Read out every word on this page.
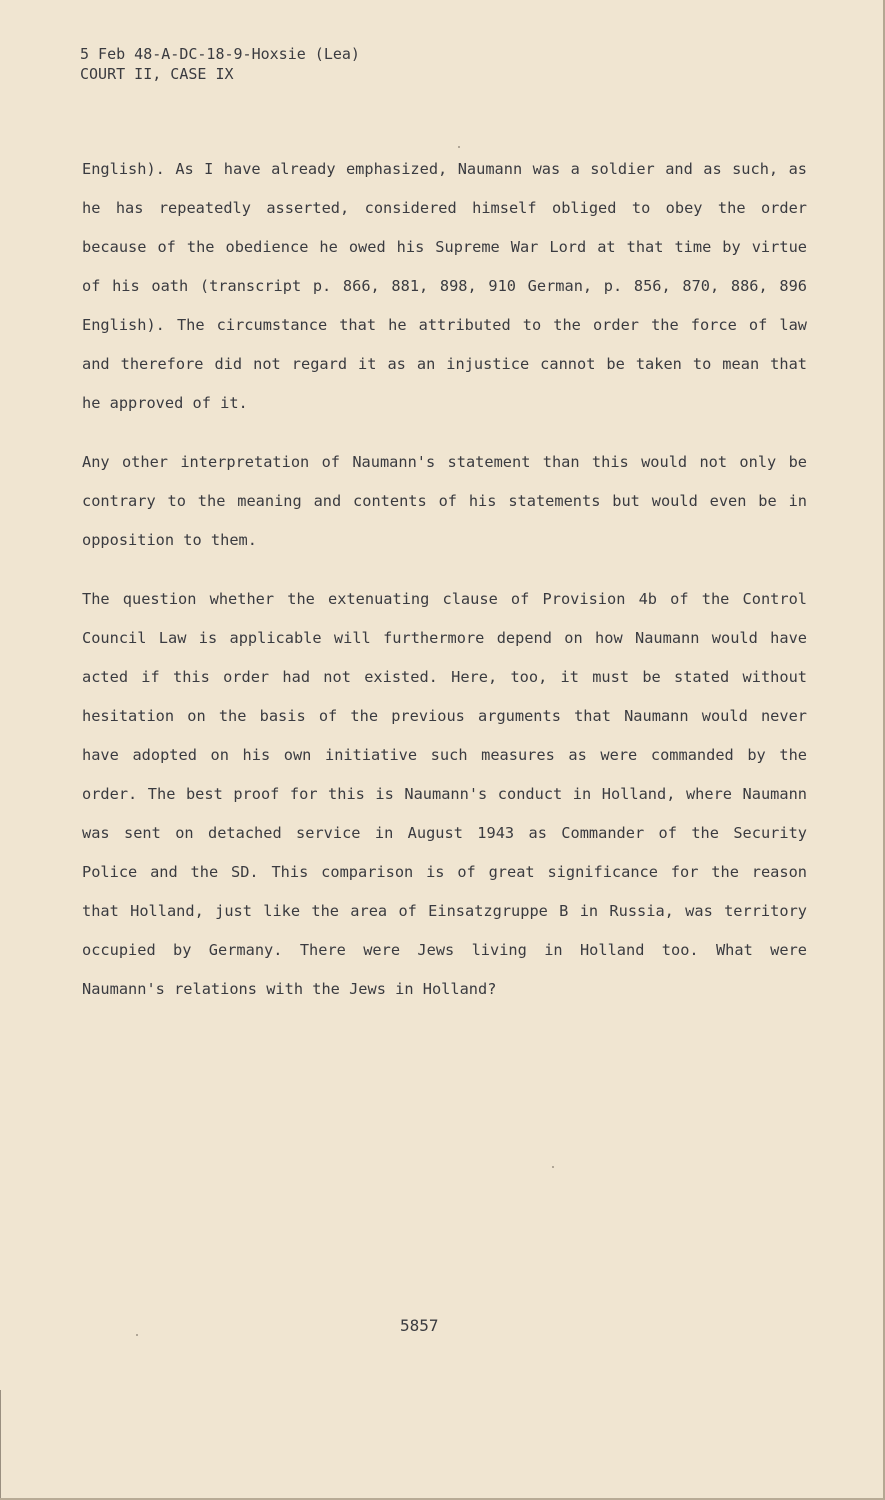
5 Feb 48-A-DC-18-9-Hoxsie (Lea)
COURT II, CASE IX

English). As I have already emphasized, Naumann was a soldier and as such, as he has repeatedly asserted, considered himself obliged to obey the order because of the obedience he owed his Supreme War Lord at that time by virtue of his oath (transcript p. 866, 881, 898, 910 German, p. 856, 870, 886, 896 English). The circumstance that he attributed to the order the force of law and therefore did not regard it as an injustice cannot be taken to mean that he approved of it.

Any other interpretation of Naumann's statement than this would not only be contrary to the meaning and contents of his statements but would even be in opposition to them.

The question whether the extenuating clause of Provision 4b of the Control Council Law is applicable will furthermore depend on how Naumann would have acted if this order had not existed. Here, too, it must be stated without hesitation on the basis of the previous arguments that Naumann would never have adopted on his own initiative such measures as were commanded by the order. The best proof for this is Naumann's conduct in Holland, where Naumann was sent on detached service in August 1943 as Commander of the Security Police and the SD. This comparison is of great significance for the reason that Holland, just like the area of Einsatzgruppe B in Russia, was territory occupied by Germany. There were Jews living in Holland too. What were Naumann's relations with the Jews in Holland?

5857
